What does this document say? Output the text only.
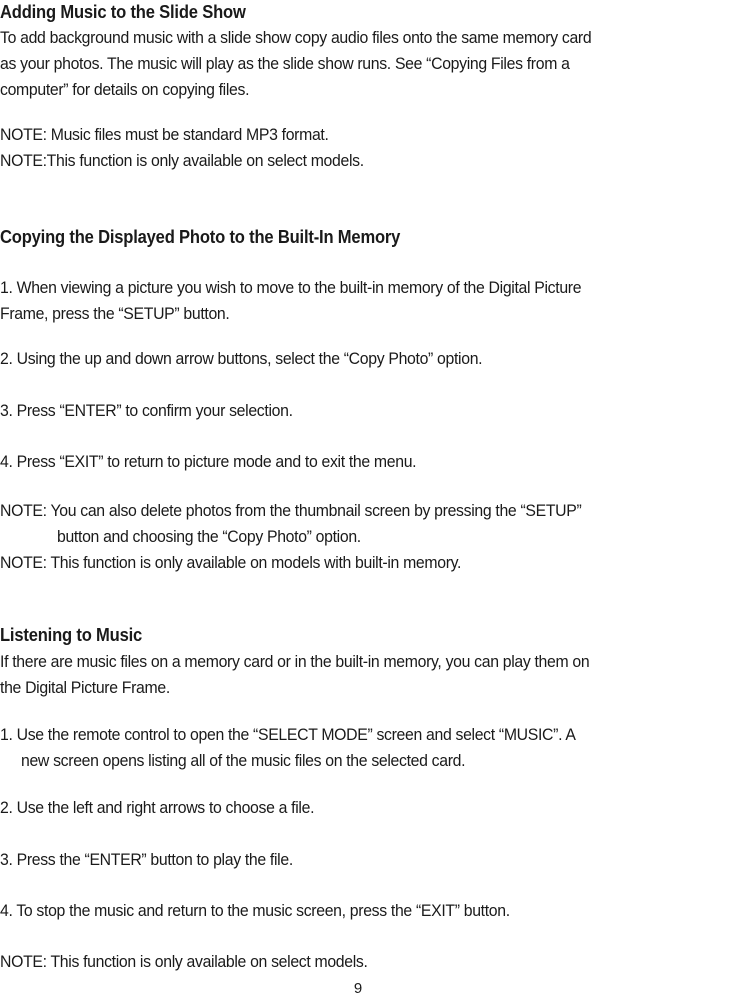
Adding Music to the Slide Show
To add background music with a slide show copy audio files onto the same memory card
as your photos. The music will play as the slide show runs. See “Copying Files from a
computer” for details on copying files.
NOTE: Music files must be standard MP3 format.
NOTE:This function is only available on select models.
Copying the Displayed Photo to the Built-In Memory
1. When viewing a picture you wish to move to the built-in memory of the Digital Picture
Frame, press the “SETUP” button.
2. Using the up and down arrow buttons, select the “Copy Photo” option.
3. Press “ENTER” to confirm your selection.
4. Press “EXIT” to return to picture mode and to exit the menu.
NOTE: You can also delete photos from the thumbnail screen by pressing the “SETUP”
button and choosing the “Copy Photo” option.
NOTE: This function is only available on models with built-in memory.
Listening to Music
If there are music files on a memory card or in the built-in memory, you can play them on
the Digital Picture Frame.
1. Use the remote control to open the “SELECT MODE” screen and select “MUSIC”. A
new screen opens listing all of the music files on the selected card.
2. Use the left and right arrows to choose a file.
3. Press the “ENTER” button to play the file.
4. To stop the music and return to the music screen, press the “EXIT” button.
NOTE: This function is only available on select models.
9
